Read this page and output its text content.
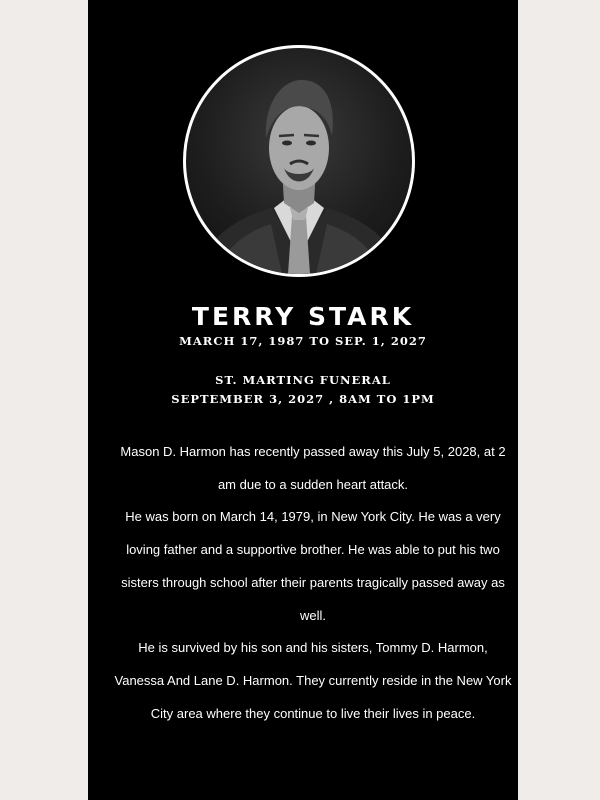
TERRY STARK
MARCH 17, 1987 TO SEP. 1, 2027
ST. MARTING FUNERAL
SEPTEMBER 3, 2027 , 8AM TO 1PM

Mason D. Harmon has recently passed away this July 5, 2028, at 2 am due to a sudden heart attack.

He was born on March 14, 1979, in New York City. He was a very loving father and a supportive brother. He was able to put his two sisters through school after their parents tragically passed away as well.

He is survived by his son and his sisters, Tommy D. Harmon, Vanessa And Lane D. Harmon. They currently reside in the New York City area where they continue to live their lives in peace.
